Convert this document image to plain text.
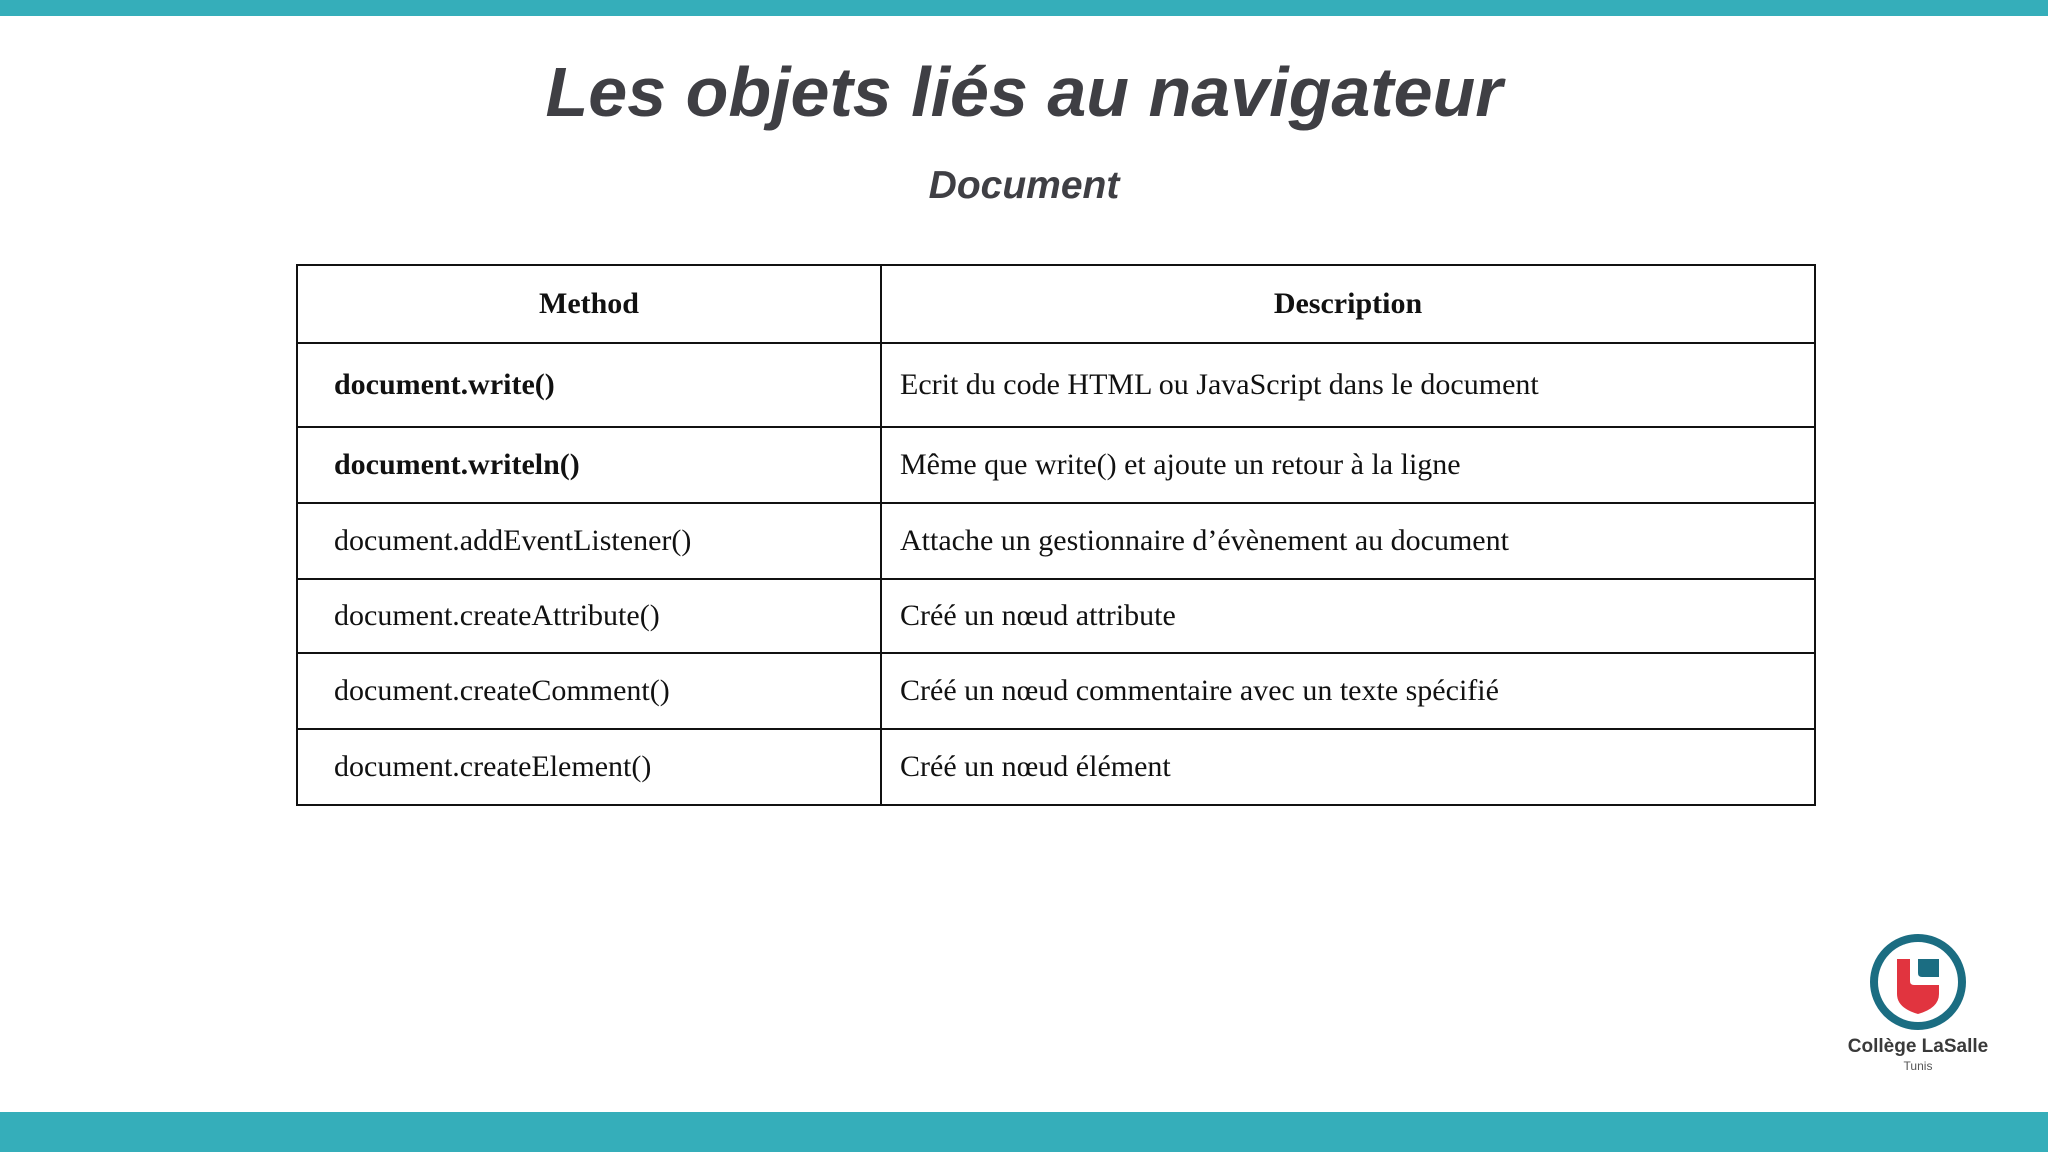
Les objets liés au navigateur
Document
Method	Description
document.write()	Ecrit du code HTML ou JavaScript dans le document
document.writeln()	Même que write() et ajoute un retour à la ligne
document.addEventListener()	Attache un gestionnaire d’évènement au document
document.createAttribute()	Créé un nœud attribute
document.createComment()	Créé un nœud commentaire avec un texte spécifié
document.createElement()	Créé un nœud élément
Collège LaSalle
Tunis
